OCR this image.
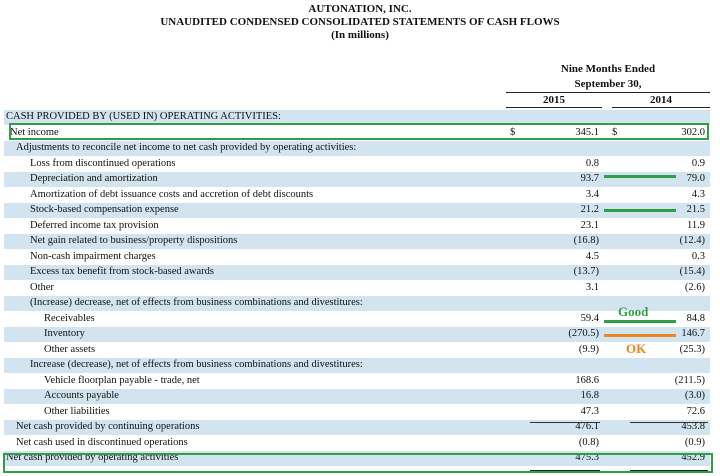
AUTONATION, INC.
UNAUDITED CONDENSED CONSOLIDATED STATEMENTS OF CASH FLOWS
(In millions)
Nine Months Ended
September 30,
2015	2014
CASH PROVIDED BY (USED IN) OPERATING ACTIVITIES:
Net income	$	345.1 $	302.0
Adjustments to reconcile net income to net cash provided by operating activities:
Loss from discontinued operations	0.8	0.9
Depreciation and amortization	93.7	79.0
Amortization of debt issuance costs and accretion of debt discounts	3.4	4.3
Stock-based compensation expense	21.2	21.5
Deferred income tax provision	23.1	11.9
Net gain related to business/property dispositions	(16.8)	(12.4)
Non-cash impairment charges	4.5	0.3
Excess tax benefit from stock-based awards	(13.7)	(15.4)
Other	3.1	(2.6)
(Increase) decrease, net of effects from business combinations and divestitures:
Receivables	59.4	84.8
Inventory	(270.5)	146.7
Other assets	(9.9)	(25.3)
Increase (decrease), net of effects from business combinations and divestitures:
Vehicle floorplan payable - trade, net	168.6	(211.5)
Accounts payable	16.8	(3.0)
Other liabilities	47.3	72.6
Net cash provided by continuing operations	476.1	453.8
Net cash used in discontinued operations	(0.8)	(0.9)
Net cash provided by operating activities	475.3	452.9
Good
OK
